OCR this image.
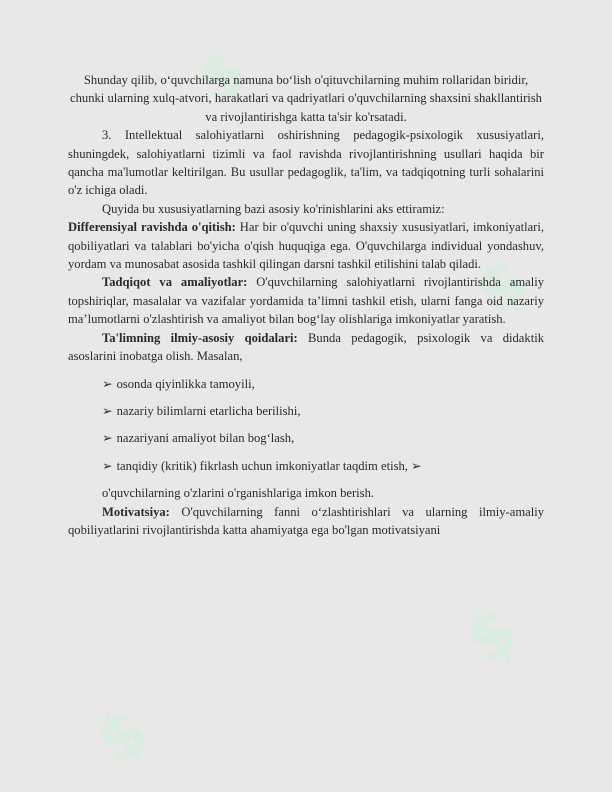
$
$
$
$

Shunday qilib, o‘quvchilarga namuna bo‘lish o'qituvchilarning muhim rollaridan biridir, chunki ularning xulq-atvori, harakatlari va qadriyatlari o'quvchilarning shaxsini shakllantirish va rivojlantirishga katta ta'sir ko'rsatadi.

3. Intellektual salohiyatlarni oshirishning pedagogik-psixologik xususiyatlari, shuningdek, salohiyatlarni tizimli va faol ravishda rivojlantirishning usullari haqida bir qancha ma'lumotlar keltirilgan. Bu usullar pedagoglik, ta'lim, va tadqiqotning turli sohalarini o'z ichiga oladi.

Quyida bu xususiyatlarning bazi asosiy ko'rinishlarini aks ettiramiz:

Differensiyal ravishda o'qitish: Har bir o'quvchi uning shaxsiy xususiyatlari, imkoniyatlari, qobiliyatlari va talablari bo'yicha o'qish huquqiga ega. O'quvchilarga individual yondashuv, yordam va munosabat asosida tashkil qilingan darsni tashkil etilishini talab qiladi.

Tadqiqot va amaliyotlar: O'quvchilarning salohiyatlarni rivojlantirishda amaliy topshiriqlar, masalalar va vazifalar yordamida ta’limni tashkil etish, ularni fanga oid nazariy ma’lumotlarni o'zlashtirish va amaliyot bilan bog‘lay olishlariga imkoniyatlar yaratish.

Ta'limning ilmiy-asosiy qoidalari: Bunda pedagogik, psixologik va didaktik asoslarini inobatga olish. Masalan,

➢ osonda qiyinlikka tamoyili,
➢ nazariy bilimlarni etarlicha berilishi,
➢ nazariyani amaliyot bilan bog‘lash,
➢ tanqidiy (kritik) fikrlash uchun imkoniyatlar taqdim etish, ➢

o'quvchilarning o'zlarini o'rganishlariga imkon berish.

Motivatsiya: O'quvchilarning fanni o‘zlashtirishlari va ularning ilmiy-amaliy qobiliyatlarini rivojlantirishda katta ahamiyatga ega bo'lgan motivatsiyani
